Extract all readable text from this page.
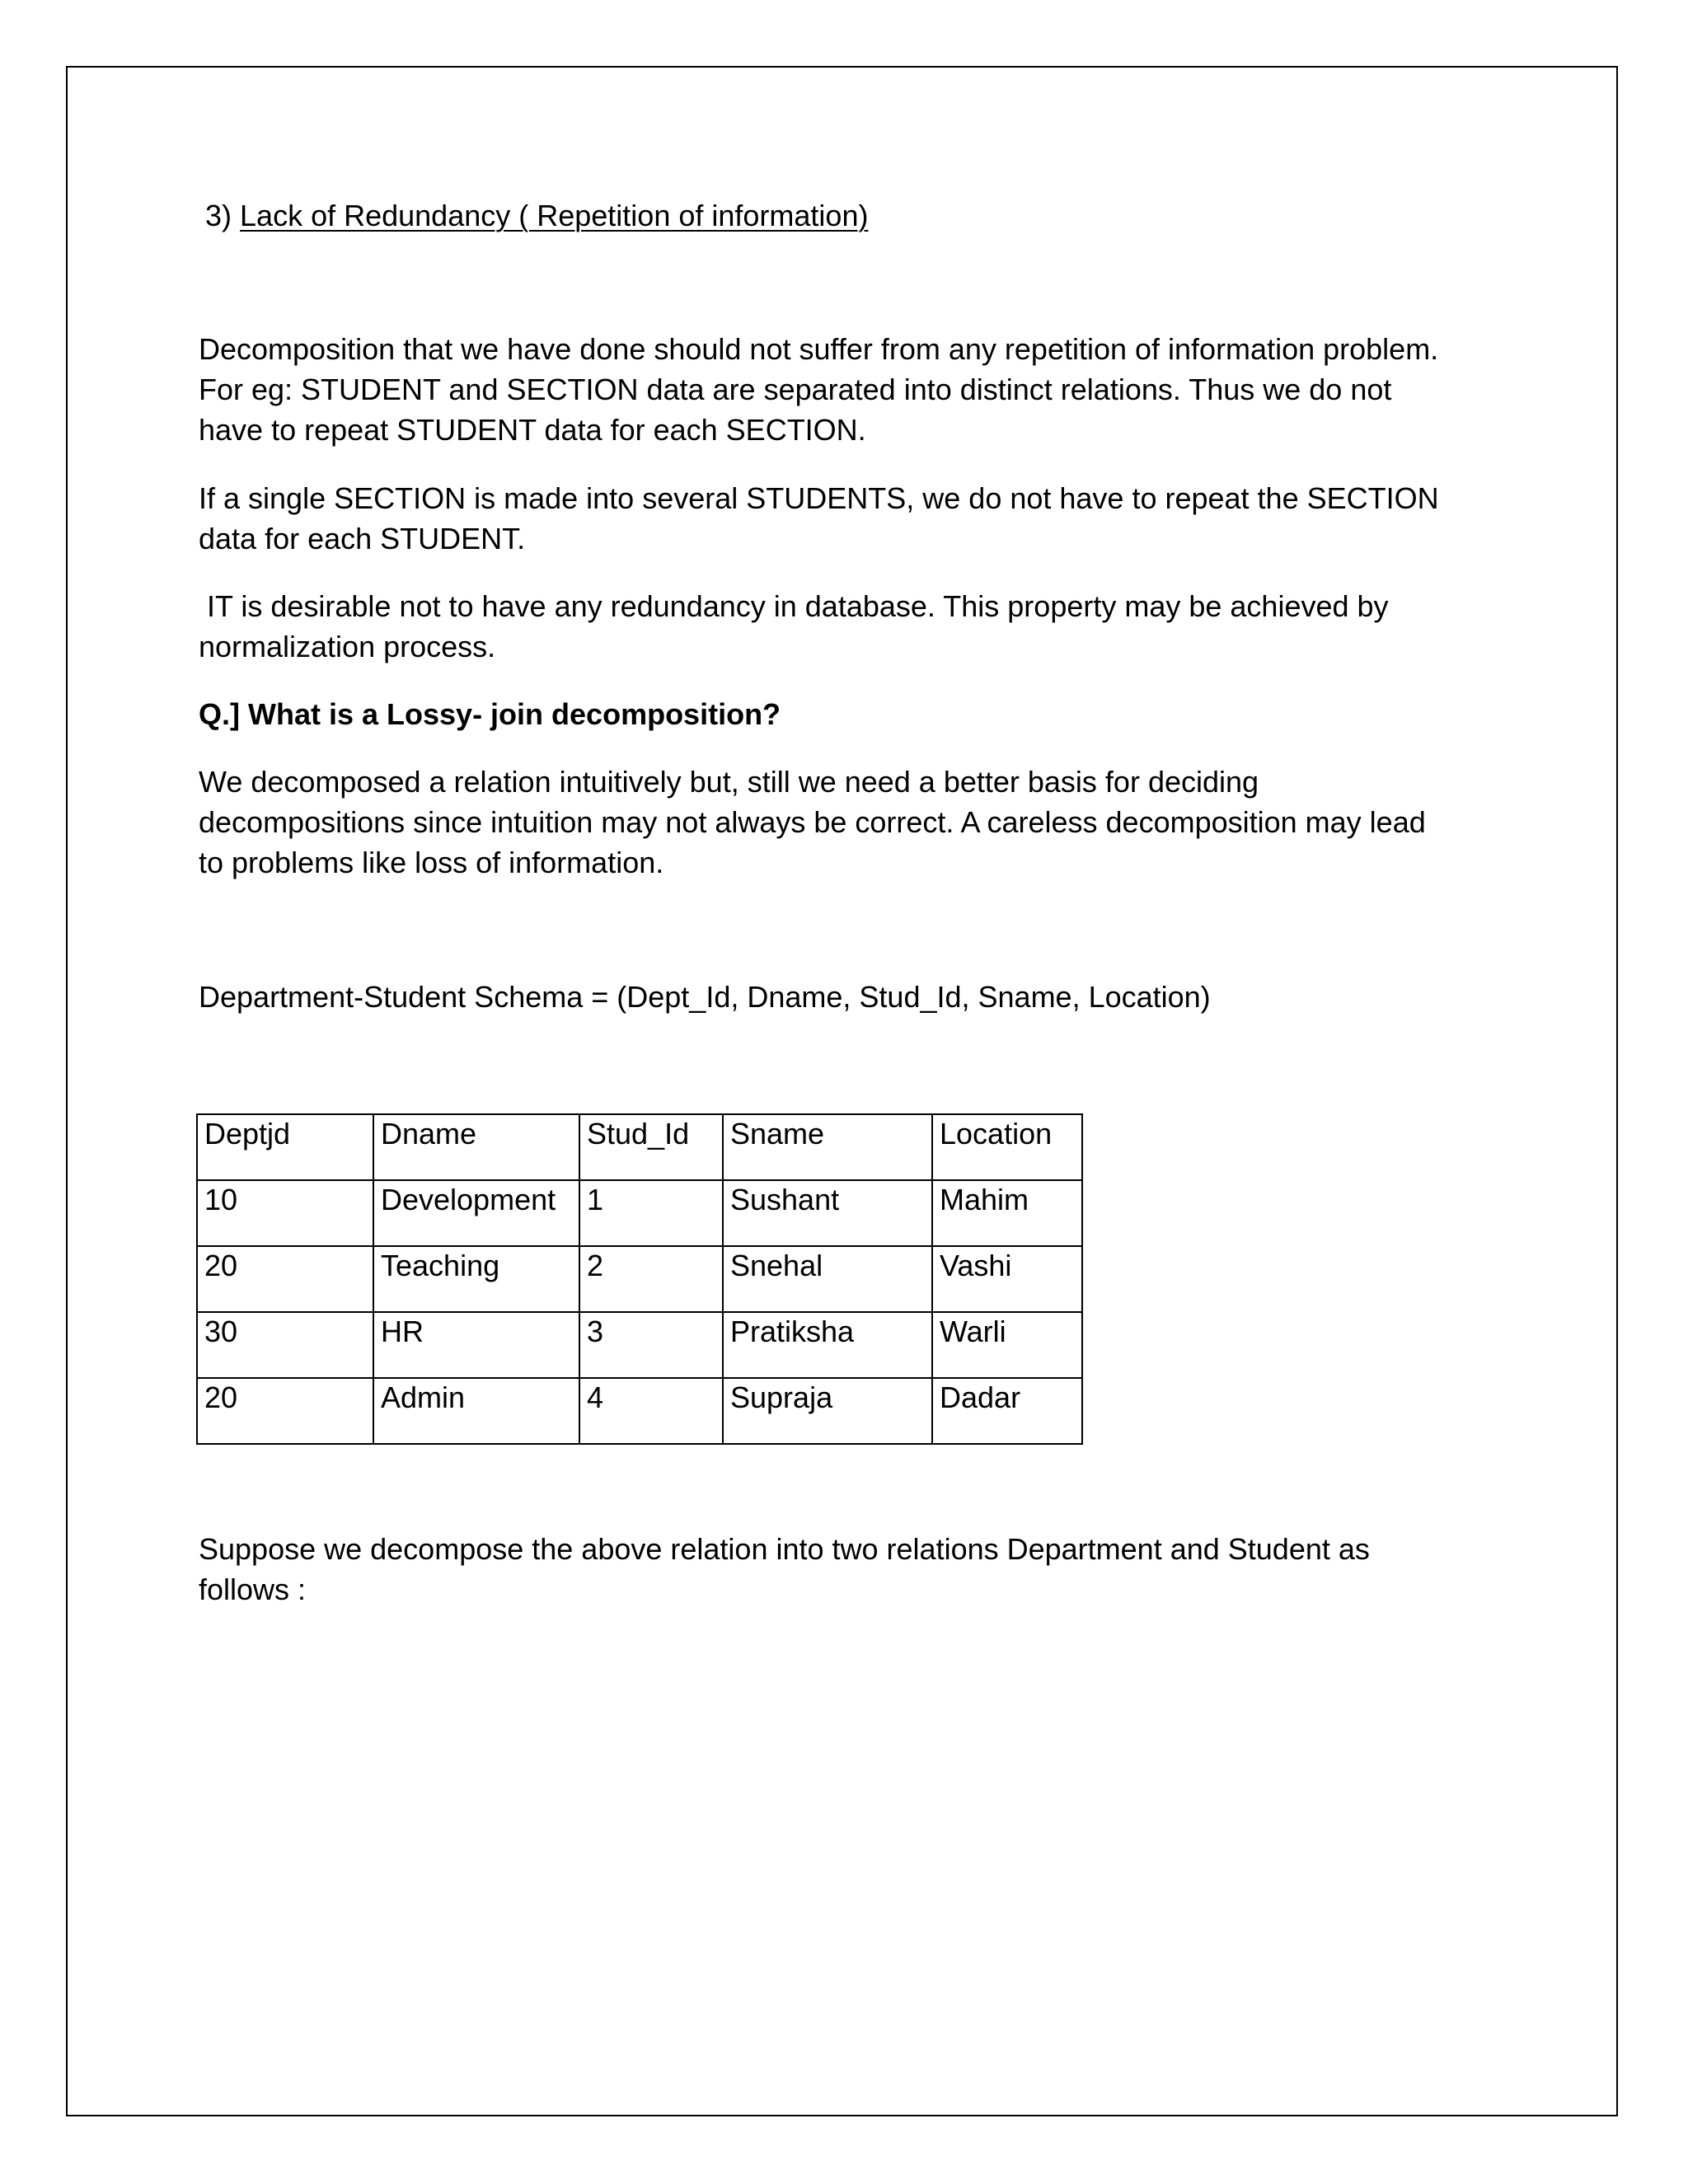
3) Lack of Redundancy ( Repetition of information)

Decomposition that we have done should not suffer from any repetition of information problem.

For eg: STUDENT and SECTION data are separated into distinct relations. Thus we do not

have to repeat STUDENT data for each SECTION.

If a single SECTION is made into several STUDENTS, we do not have to repeat the SECTION

data for each STUDENT.

IT is desirable not to have any redundancy in database. This property may be achieved by

normalization process.

Q.] What is a Lossy- join decomposition?

We decomposed a relation intuitively but, still we need a better basis for deciding

decompositions since intuition may not always be correct. A careless decomposition may lead

to problems like loss of information.

Department-Student Schema = (Dept_Id, Dname, Stud_Id, Sname, Location)

Suppose we decompose the above relation into two relations Department and Student as

follows :

Deptjd	Dname	Stud_Id	Sname	Location
10	Development	1	Sushant	Mahim
20	Teaching	2	Snehal	Vashi
30	HR	3	Pratiksha	Warli
20	Admin	4	Supraja	Dadar
